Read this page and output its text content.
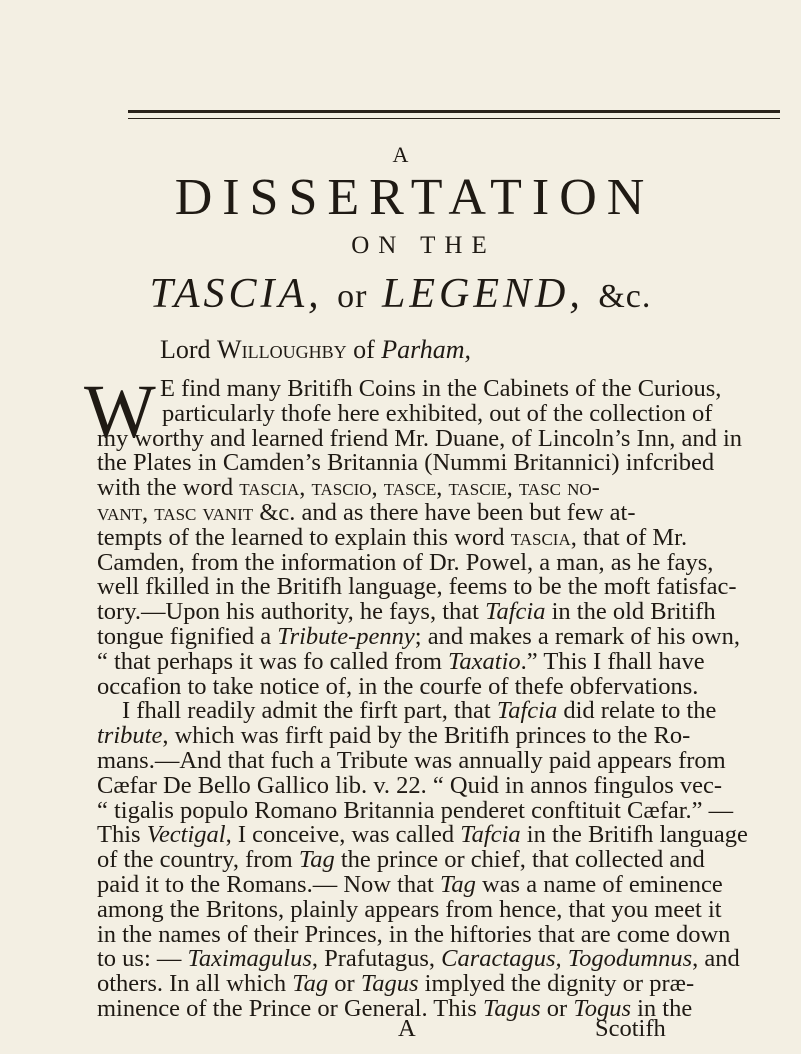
A
DISSERTATION
ON THE
TASCIA, or LEGEND, &c.
Lord Willoughby of Parham,
W E find many Britifh Coins in the Cabinets of the Curious,
particularly thofe here exhibited, out of the collection of
my worthy and learned friend Mr. Duane, of Lincoln’s Inn, and in
the Plates in Camden’s Britannia (Nummi Britannici) infcribed
with the word tascia, tascio, tasce, tascie, tasc no-
vant, tasc vanit &c. and as there have been but few at-
tempts of the learned to explain this word tascia, that of Mr.
Camden, from the information of Dr. Powel, a man, as he fays,
well fkilled in the Britifh language, feems to be the moft fatisfac-
tory.—Upon his authority, he fays, that Tafcia in the old Britifh
tongue fignified a Tribute-penny; and makes a remark of his own,
“ that perhaps it was fo called from Taxatio.” This I fhall have
occafion to take notice of, in the courfe of thefe obfervations.
I fhall readily admit the firft part, that Tafcia did relate to the
tribute, which was firft paid by the Britifh princes to the Ro-
mans.—And that fuch a Tribute was annually paid appears from
Cæfar De Bello Gallico lib. v. 22. “ Quid in annos fingulos vec-
“ tigalis populo Romano Britannia penderet conftituit Cæfar.” —
This Vectigal, I conceive, was called Tafcia in the Britifh language
of the country, from Tag the prince or chief, that collected and
paid it to the Romans.— Now that Tag was a name of eminence
among the Britons, plainly appears from hence, that you meet it
in the names of their Princes, in the hiftories that are come down
to us: — Taximagulus, Prafutagus, Caractagus, Togodumnus, and
others. In all which Tag or Tagus implyed the dignity or præ-
minence of the Prince or General. This Tagus or Togus in the
A	Scotifh
